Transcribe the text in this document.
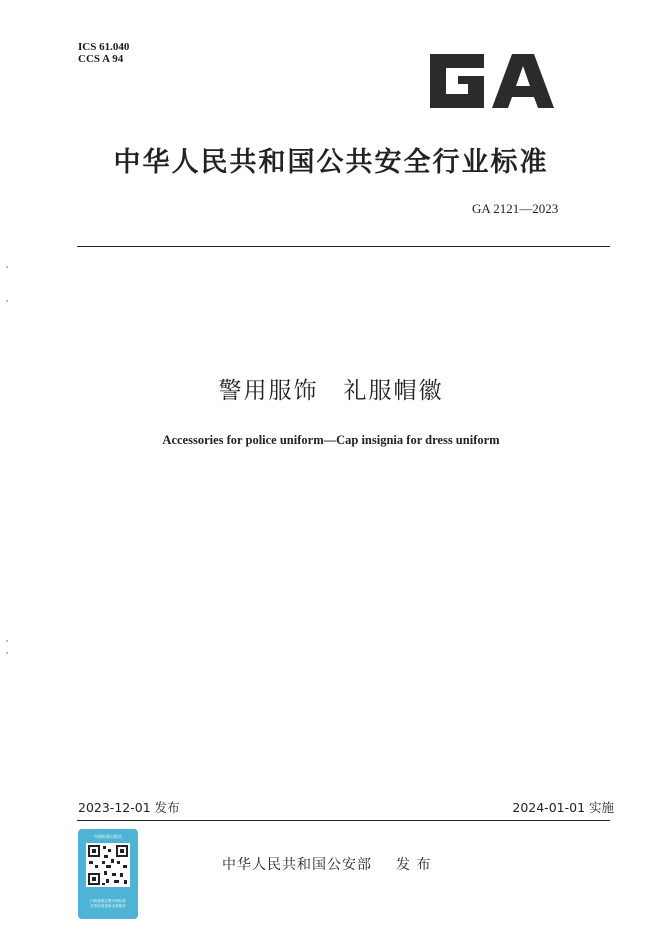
ICS 61.040
CCS A 94
GA
中华人民共和国公共安全行业标准
GA 2121—2023
警用服饰　礼服帽徽
Accessories for police uniform—Cap insignia for dress uniform
2023-12-01 发布	2024-01-01 实施
中国标准出版社
扫码查看注册中国标准
享受标准更新全套服务
中华人民共和国公安部 发 布
